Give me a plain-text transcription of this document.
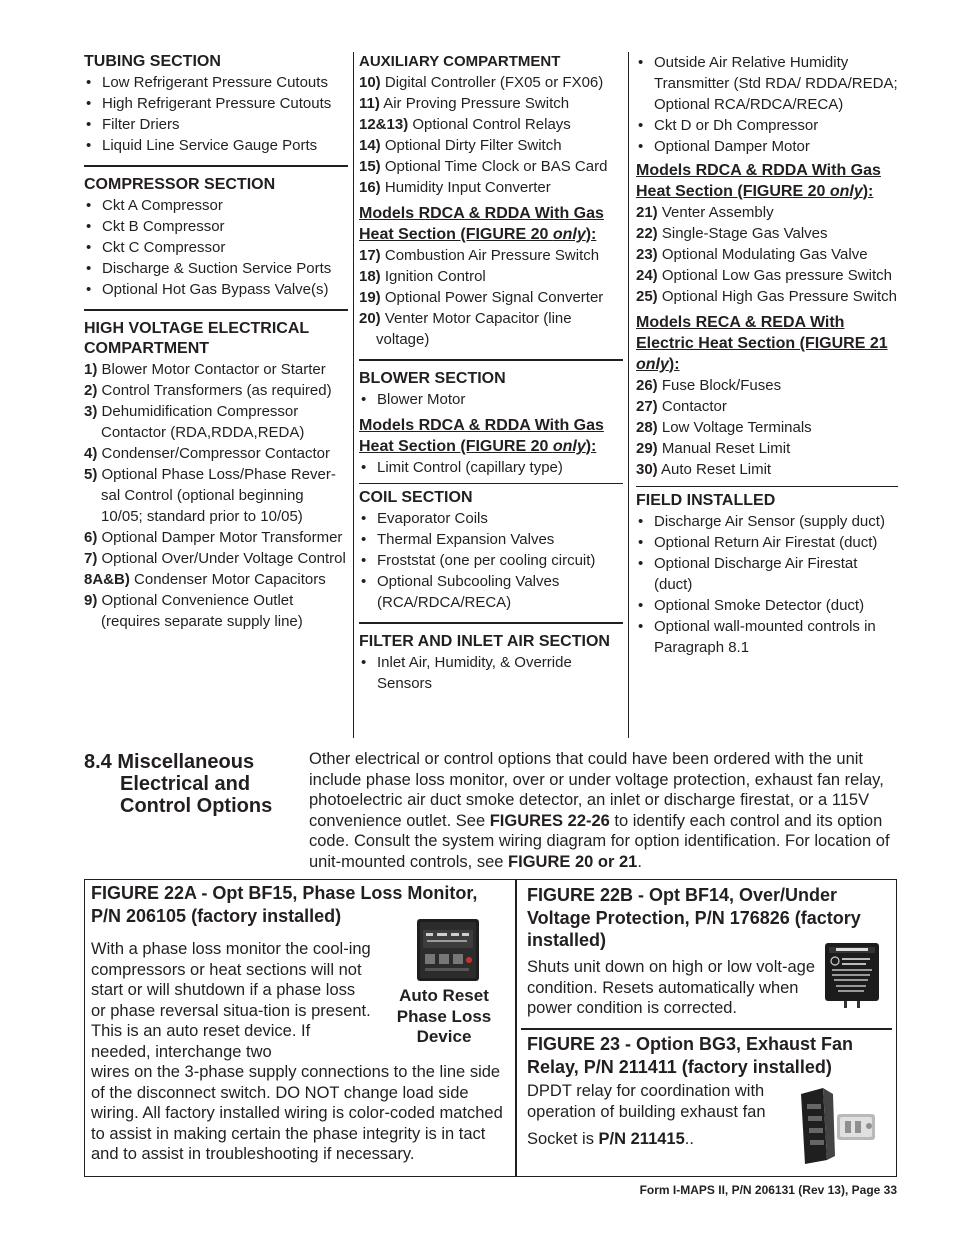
TUBING SECTION
• Low Refrigerant Pressure Cutouts
• High Refrigerant Pressure Cutouts
• Filter Driers
• Liquid Line Service Gauge Ports
COMPRESSOR SECTION
• Ckt A Compressor
• Ckt B Compressor
• Ckt C Compressor
• Discharge & Suction Service Ports
• Optional Hot Gas Bypass Valve(s)
HIGH VOLTAGE ELECTRICAL COMPARTMENT
1) Blower Motor Contactor or Starter
2) Control Transformers (as required)
3) Dehumidification Compressor Contactor (RDA,RDDA,REDA)
4) Condenser/Compressor Contactor
5) Optional Phase Loss/Phase Rever-sal Control (optional beginning 10/05; standard prior to 10/05)
6) Optional Damper Motor Transformer
7) Optional Over/Under Voltage Control
8A&B) Condenser Motor Capacitors
9) Optional Convenience Outlet (requires separate supply line)
AUXILIARY COMPARTMENT
10) Digital Controller (FX05 or FX06)
11) Air Proving Pressure Switch
12&13) Optional Control Relays
14) Optional Dirty Filter Switch
15) Optional Time Clock or BAS Card
16) Humidity Input Converter
Models RDCA & RDDA With Gas Heat Section (FIGURE 20 only):
17) Combustion Air Pressure Switch
18) Ignition Control
19) Optional Power Signal Converter
20) Venter Motor Capacitor (line voltage)
BLOWER SECTION
• Blower Motor
Models RDCA & RDDA With Gas Heat Section (FIGURE 20 only):
• Limit Control (capillary type)
COIL SECTION
• Evaporator Coils
• Thermal Expansion Valves
• Froststat (one per cooling circuit)
• Optional Subcooling Valves (RCA/RDCA/RECA)
FILTER AND INLET AIR SECTION
• Inlet Air, Humidity, & Override Sensors
• Outside Air Relative Humidity Transmitter (Std RDA/ RDDA/REDA; Optional RCA/RDCA/RECA)
• Ckt D or Dh Compressor
• Optional Damper Motor
Models RDCA & RDDA With Gas Heat Section (FIGURE 20 only):
21) Venter Assembly
22) Single-Stage Gas Valves
23) Optional Modulating Gas Valve
24) Optional Low Gas pressure Switch
25) Optional High Gas Pressure Switch
Models RECA & REDA With Electric Heat Section (FIGURE 21 only):
26) Fuse Block/Fuses
27) Contactor
28) Low Voltage Terminals
29) Manual Reset Limit
30) Auto Reset Limit
FIELD INSTALLED
• Discharge Air Sensor (supply duct)
• Optional Return Air Firestat (duct)
• Optional Discharge Air Firestat (duct)
• Optional Smoke Detector (duct)
• Optional wall-mounted controls in Paragraph 8.1
8.4 Miscellaneous
Electrical and
Control Options
Other electrical or control options that could have been ordered with the unit include phase loss monitor, over or under voltage protection, exhaust fan relay, photoelectric air duct smoke detector, an inlet or discharge firestat, or a 115V convenience outlet. See FIGURES 22-26 to identify each control and its option code. Consult the system wiring diagram for option identification. For location of unit-mounted controls, see FIGURE 20 or 21.
FIGURE 22A - Opt BF15, Phase Loss Monitor, P/N 206105 (factory installed)
With a phase loss monitor the cool-ing compressors or heat sections will not start or will shutdown if a phase loss or phase reversal situa-tion is present. This is an auto reset device. If needed, interchange two
wires on the 3-phase supply connections to the line side of the disconnect switch. DO NOT change load side wiring. All factory installed wiring is color-coded matched to assist in making certain the phase integrity is in tact and to assist in troubleshooting if necessary.
Auto Reset Phase Loss Device
FIGURE 22B - Opt BF14, Over/Under Voltage Protection, P/N 176826 (factory installed)
Shuts unit down on high or low volt-age condition. Resets automatically when power condition is corrected.
FIGURE 23 - Option BG3, Exhaust Fan Relay, P/N 211411 (factory installed)
DPDT relay for coordination with operation of building exhaust fan
Socket is P/N 211415..
Form I-MAPS II, P/N 206131 (Rev 13), Page 33
